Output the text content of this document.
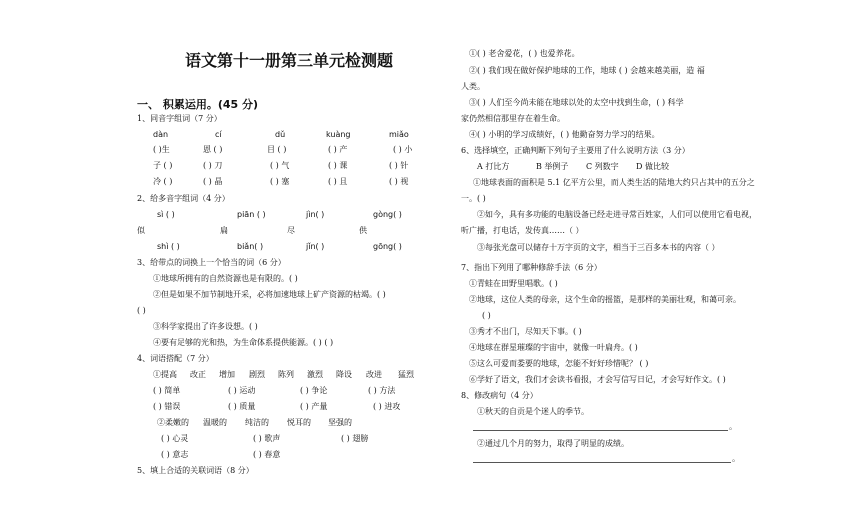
语文第十一册第三单元检测题
一、 积累运用。(45 分)
1、同音字组词（7 分）
dàn	cí	dǔ	kuàng	miǎo
( )生	恩 ( )	目 ( )	( ) 产	( ) 小
子 ( )	( ) 刀	( ) 气	( ) 课	( ) 针
冷 ( )	( ) 晶	( ) 塞	( ) 且	( ) 视
2、给多音字组词（4 分）
sì ( )	piān ( )	jìn( )	gòng( )
似	扁	尽	供
shì ( )	biǎn( )	jǐn( )	gōng( )
3、给带点的词换上一个恰当的词（6 分）
①地球所拥有的自然资源也是有限的。( )
②但是如果不加节制地开采，必将加速地球上矿产资源的枯竭。( )
( )
③科学家提出了许多设想。( )
④要有足够的光和热，为生命体系提供能源。( ) ( )
4、词语搭配（7 分）
①提高 改正 增加 剧烈 陈列 激烈 降设 改进 猛烈
( ) 简单	( ) 运动	( ) 争论	( ) 方法
( ) 错误	( ) 质量	( ) 产量	( ) 进攻
②柔嫩的 温暖的 纯洁的 悦耳的 坚强的
( ) 心灵	( ) 歌声	( ) 翅膀
( ) 意志	( ) 春意
5、填上合适的关联词语（8 分）
①( ) 老舍爱花，( ) 也爱养花。
②( ) 我们现在做好保护地球的工作，地球 ( ) 会越来越美丽，造 福
人类。
③( ) 人们至今尚未能在地球以处的太空中找到生命，( ) 科学
家仍然相信那里存在着生命。
④( ) 小明的学习成绩好，( ) 他勤奋努力学习的结果。
6、选择填空，正确判断下列句子主要用了什么说明方法（3 分）
A 打比方	B 举例子 C 列数字 D 做比较
①地球表面的面积是 5.1 亿平方公里，而人类生活的陆地大约只占其中的五分之
一。( )
②如今，具有多功能的电脑设备已经走进寻常百姓家，人们可以使用它看电视，
听广播，打电话，发传真……（ ）
③每张光盘可以储存十万字页的文字，相当于三百多本书的内容（ ）
7、指出下列用了哪种修辞手法（6 分）
①青蛙在田野里唱歌。( )
②地球，这位人类的母亲，这个生命的摇篮，是那样的美丽壮观，和蔼可亲。
( )
③秀才不出门，尽知天下事。( )
④地球在群星璀璨的宇宙中，就像一叶扁舟。( )
⑤这么可爱而娄要的地球，怎能不好好珍惜呢？ ( )
⑥学好了语文，我们才会读书看报，才会写信写日记，才会写好作文。( )
8、修改病句（4 分）
①秋天的自贡是个迷人的季节。
。
②通过几个月的努力，取得了明显的成绩。
。
